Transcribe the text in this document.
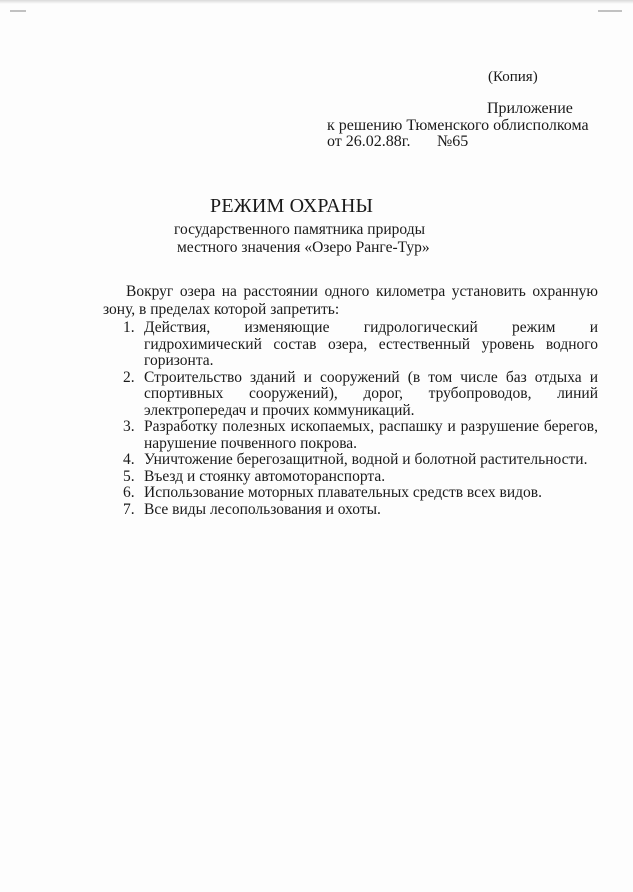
(Копия)
Приложение
к решению Тюменского облисполкома
от 26.02.88г. №65
РЕЖИМ ОХРАНЫ
государственного памятника природы
местного значения «Озеро Ранге-Тур»
Вокруг озера на расстоянии одного километра установить охранную зону, в пределах которой запретить:
1. Действия, изменяющие гидрологический режим и гидрохимический состав озера, естественный уровень водного горизонта.
2. Строительство зданий и сооружений (в том числе баз отдыха и спортивных сооружений), дорог, трубопроводов, линий электропередач и прочих коммуникаций.
3. Разработку полезных ископаемых, распашку и разрушение берегов, нарушение почвенного покрова.
4. Уничтожение берегозащитной, водной и болотной растительности.
5. Въезд и стоянку автомоторанспорта.
6. Использование моторных плавательных средств всех видов.
7. Все виды лесопользования и охоты.
